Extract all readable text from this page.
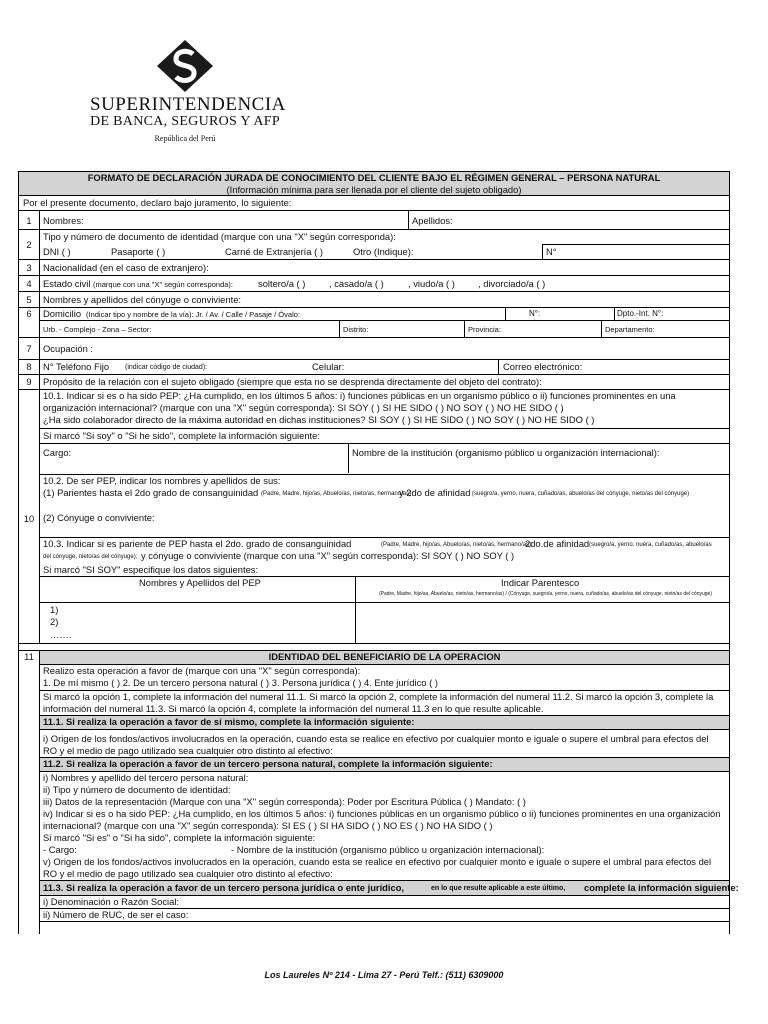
SUPERINTENDENCIA
DE BANCA, SEGUROS Y AFP
República del Perú
FORMATO DE DECLARACIÓN JURADA DE CONOCIMIENTO DEL CLIENTE BAJO EL RÉGIMEN GENERAL – PERSONA NATURAL
(Información mínima para ser llenada por el cliente del sujeto obligado)
Por el presente documento, declaro bajo juramento, lo siguiente:
1	Nombres:	Apellidos:
2
Tipo y número de documento de identidad (marque con una "X" según corresponda):
DNI ( )	Pasaporte ( )	Carné de Extranjería ( )	Otro (Indique):	N°
3	Nacionalidad (en el caso de extranjero):
4	Estado civil (marque con una "X" según corresponda):	soltero/a ( )	, casado/a ( )	, viudo/a ( ) , divorciado/a ( )
5	Nombres y apellidos del cónyuge o conviviente:
6	Domicilio (Indicar tipo y nombre de la vía): Jr. / Av. / Calle / Pasaje / Óvalo:	N°:	Dpto.-Int. N°:
Urb. - Complejo - Zona – Sector:	Distrito:	Provincia:	Departamento:
7	Ocupación :
8	N° Teléfono Fijo (indicar código de ciudad):	Celular:	Correo electrónico:
9	Propósito de la relación con el sujeto obligado (siempre que esta no se desprenda directamente del objeto del contrato):
10
10.1. Indicar si es o ha sido PEP: ¿Ha cumplido, en los últimos 5 años: i) funciones públicas en un organismo público o ii) funciones prominentes en una
organización internacional? (marque con una "X" según corresponda): SI SOY ( ) SI HE SIDO ( ) NO SOY ( ) NO HE SIDO ( )
¿Ha sido colaborador directo de la máxima autoridad en dichas instituciones? SI SOY ( ) SI HE SIDO ( ) NO SOY ( ) NO HE SIDO ( )
Si marcó "Si soy" o "Si he sido", complete la información siguiente:
Cargo:	Nombre de la institución (organismo público u organización internacional):
10.2. De ser PEP, indicar los nombres y apellidos de sus:
(1) Parientes hasta el 2do grado de consanguinidad (Padre, Madre, hijo/as, Abuelo/as, nieto/as, hermano/as)
y 2do de afinidad (suegro/a, yerno, nuera, cuñado/as, abuelo/as del cónyuge, nieto/as del cónyuge)
(2) Cónyuge o conviviente:
10.3. Indicar si es pariente de PEP hasta el 2do. grado de consanguinidad	(Padre, Madre, hijo/as, Abuelo/as, nieto/as, hermano/as);
2do.de afinidad (suegro/a, yerno, nuera, cuñado/as, abuelo/as
del cónyuge, nieto/as del cónyuge); y cónyuge o conviviente (marque con una "X" según corresponda): SI SOY ( ) NO SOY ( )
Si marcó "SI SOY" especifique los datos siguientes:
Nombres y Apellidos del PEP	Indicar Parentesco
(Padre, Madre, hijo/as, Abuelo/as, nieto/as, hermano/as) / (Cónyuge, suegro/a, yerno, nuera, cuñado/as, abuelo/as del cónyuge, nieto/as del cónyuge)
1)
2)
…….
11	IDENTIDAD DEL BENEFICIARIO DE LA OPERACION
Realizo esta operación a favor de (marque con una "X" según corresponda):
1. De mí mismo ( ) 2. De un tercero persona natural ( ) 3. Persona jurídica ( ) 4. Ente jurídico ( )
Si marcó la opción 1, complete la información del numeral 11.1. Si marcó la opción 2, complete la información del numeral 11.2. Si marcó la opción 3, complete la
información del numeral 11.3. Si marcó la opción 4, complete la información del numeral 11.3 en lo que resulte aplicable.
11.1. Si realiza la operación a favor de sí mismo, complete la información siguiente:
i) Origen de los fondos/activos involucrados en la operación, cuando esta se realice en efectivo por cualquier monto e iguale o supere el umbral para efectos del
RO y el medio de pago utilizado sea cualquier otro distinto al efectivo:
11.2. Si realiza la operación a favor de un tercero persona natural, complete la información siguiente:
i) Nombres y apellido del tercero persona natural:
ii) Tipo y número de documento de identidad:
iii) Datos de la representación (Marque con una "X" según corresponda): Poder por Escritura Pública ( ) Mandato: ( )
iv) Indicar si es o ha sido PEP: ¿Ha cumplido, en los últimos 5 años: i) funciones públicas en un organismo público o ii) funciones prominentes en una organización
internacional? (marque con una "X" según corresponda): SI ES ( ) SI HA SIDO ( ) NO ES ( ) NO HA SIDO ( )
Si marcó "Si es" o "Si ha sido", complete la información siguiente:
- Cargo:	- Nombre de la institución (organismo público u organización internacional):
v) Origen de los fondos/activos involucrados en la operación, cuando esta se realice en efectivo por cualquier monto e iguale o supere el umbral para efectos del
RO y el medio de pago utilizado sea cualquier otro distinto al efectivo:
11.3. Si realiza la operación a favor de un tercero persona jurídica o ente jurídico,	en lo que resulte aplicable a este último, complete la información siguiente:
i) Denominación o Razón Social:
ii) Número de RUC, de ser el caso:
Los Laureles Nº 214 - Lima 27 - Perú Telf.: (511) 6309000
